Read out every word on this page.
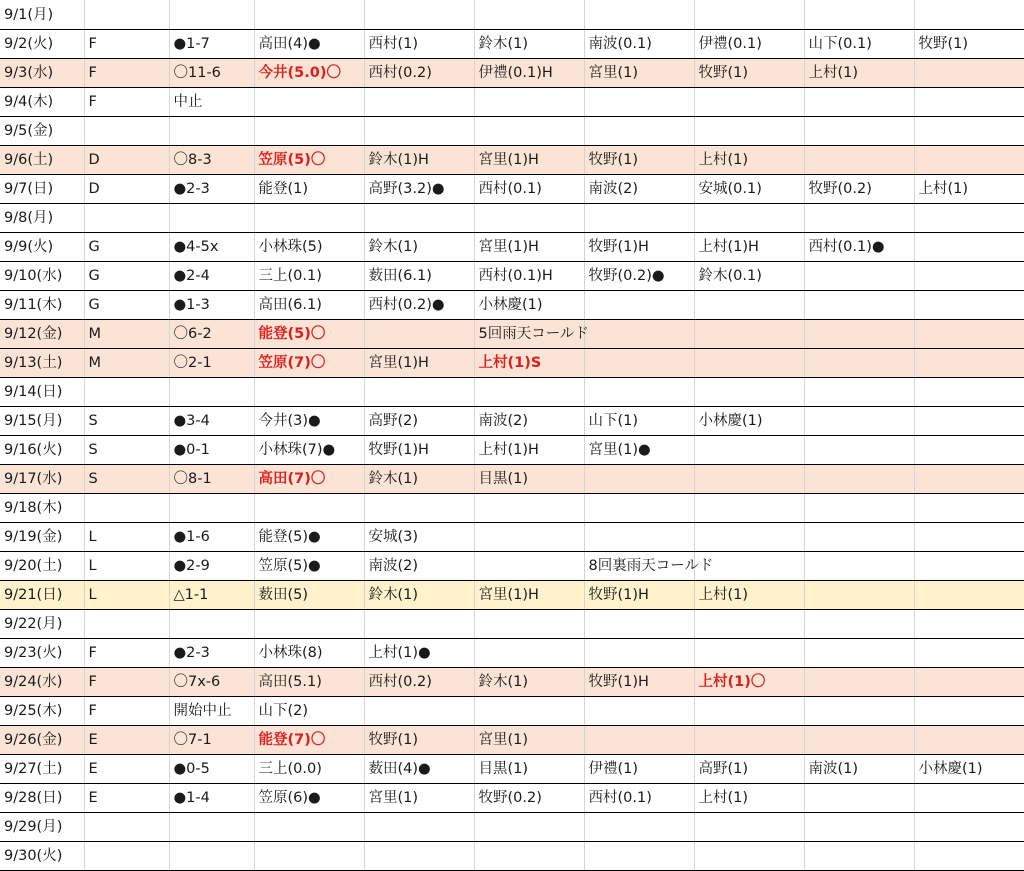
9/1(月)									
9/2(火)	F	●1-7	高田(4)●	西村(1)	鈴木(1)	南波(0.1)	伊禮(0.1)	山下(0.1)	牧野(1)
9/3(水)	F	〇11-6	今井(5.0)〇	西村(0.2)	伊禮(0.1)H	宮里(1)	牧野(1)	上村(1)	
9/4(木)	F	中止							
9/5(金)									
9/6(土)	D	〇8-3	笠原(5)〇	鈴木(1)H	宮里(1)H	牧野(1)	上村(1)		
9/7(日)	D	●2-3	能登(1)	高野(3.2)●	西村(0.1)	南波(2)	安城(0.1)	牧野(0.2)	上村(1)
9/8(月)									
9/9(火)	G	●4-5x	小林珠(5)	鈴木(1)	宮里(1)H	牧野(1)H	上村(1)H	西村(0.1)●	
9/10(水)	G	●2-4	三上(0.1)	薮田(6.1)	西村(0.1)H	牧野(0.2)●	鈴木(0.1)		
9/11(木)	G	●1-3	高田(6.1)	西村(0.2)●	小林慶(1)				
9/12(金)	M	〇6-2	能登(5)〇		5回雨天コールド				
9/13(土)	M	〇2-1	笠原(7)〇	宮里(1)H	上村(1)S				
9/14(日)									
9/15(月)	S	●3-4	今井(3)●	高野(2)	南波(2)	山下(1)	小林慶(1)		
9/16(火)	S	●0-1	小林珠(7)●	牧野(1)H	上村(1)H	宮里(1)●			
9/17(水)	S	〇8-1	高田(7)〇	鈴木(1)	目黒(1)				
9/18(木)									
9/19(金)	L	●1-6	能登(5)●	安城(3)					
9/20(土)	L	●2-9	笠原(5)●	南波(2)		8回裏雨天コールド			
9/21(日)	L	△1-1	薮田(5)	鈴木(1)	宮里(1)H	牧野(1)H	上村(1)		
9/22(月)									
9/23(火)	F	●2-3	小林珠(8)	上村(1)●					
9/24(水)	F	〇7x-6	高田(5.1)	西村(0.2)	鈴木(1)	牧野(1)H	上村(1)〇		
9/25(木)	F	開始中止	山下(2)						
9/26(金)	E	〇7-1	能登(7)〇	牧野(1)	宮里(1)				
9/27(土)	E	●0-5	三上(0.0)	薮田(4)●	目黒(1)	伊禮(1)	高野(1)	南波(1)	小林慶(1)
9/28(日)	E	●1-4	笠原(6)●	宮里(1)	牧野(0.2)	西村(0.1)	上村(1)		
9/29(月)									
9/30(火)									
